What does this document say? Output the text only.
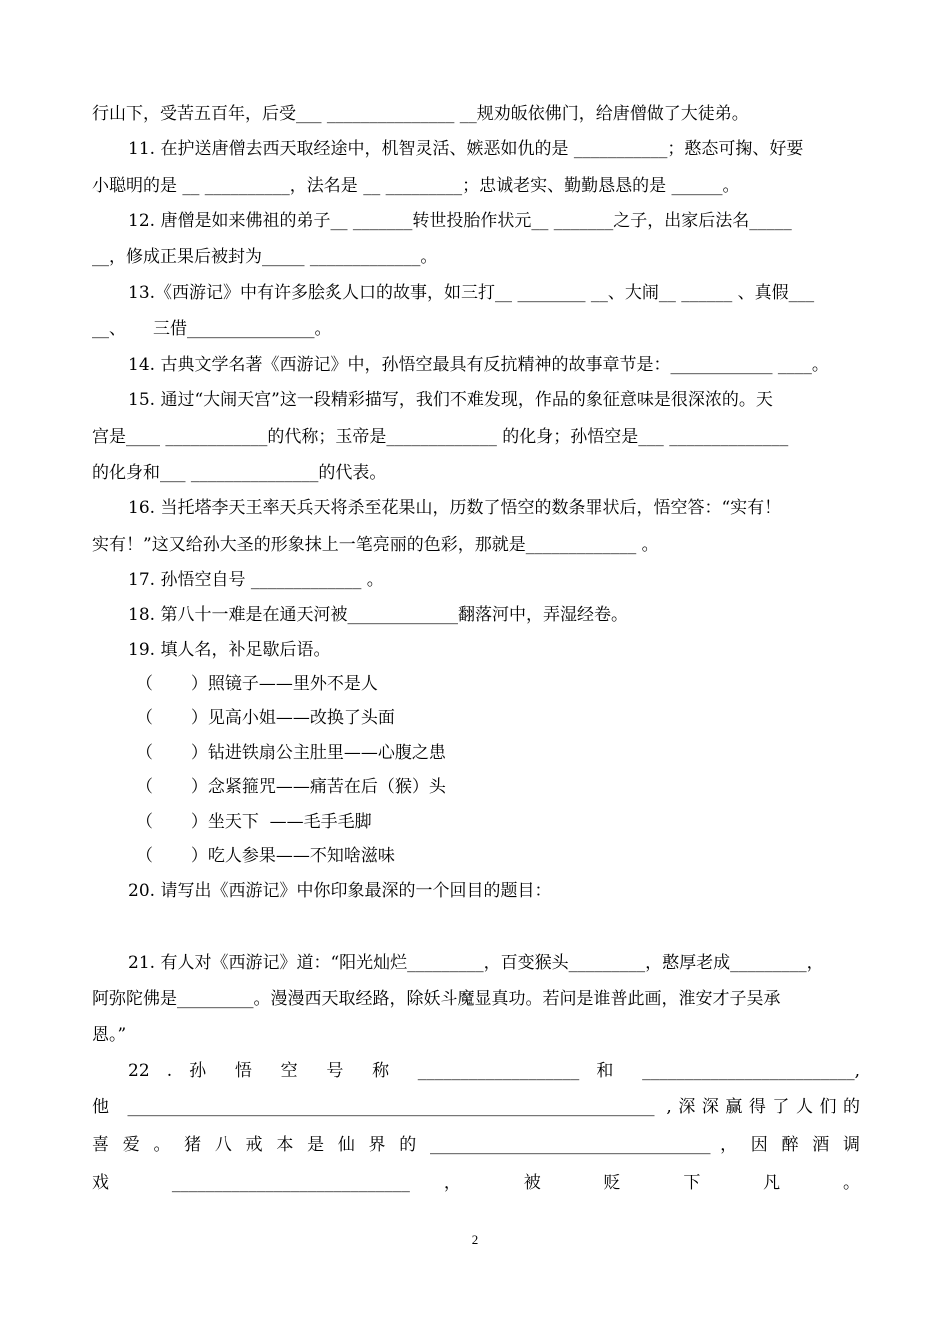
行山下，受苦五百年，后受___ _______________ __规劝皈依佛门，给唐僧做了大徒弟。
11. 在护送唐僧去西天取经途中，机智灵活、嫉恶如仇的是 ___________；憨态可掬、好要
小聪明的是 __ __________，法名是 __ _________；忠诚老实、勤勤恳恳的是 ______。
12. 唐僧是如来佛祖的弟子__ _______转世投胎作状元__ _______之子，出家后法名_____
__，修成正果后被封为_____ _____________。
13.《西游记》中有许多脍炙人口的故事，如三打__ ________ __、大闹__ ______ 、真假___
__、     三借_______________。
14. 古典文学名著《西游记》中，孙悟空最具有反抗精神的故事章节是：____________ ____。
15. 通过“大闹天宫”这一段精彩描写，我们不难发现，作品的象征意味是很深浓的。天
宫是____ ____________的代称；玉帝是_____________ 的化身；孙悟空是___ ______________
的化身和___ _______________的代表。
16. 当托塔李天王率天兵天将杀至花果山，历数了悟空的数条罪状后，悟空答：“实有！
实有！”这又给孙大圣的形象抹上一笔亮丽的色彩，那就是_____________ 。
17. 孙悟空自号 _____________ 。
18. 第八十一难是在通天河被_____________翻落河中，弄湿经卷。
19. 填人名，补足歇后语。
（       ）照镜子——里外不是人
（       ）见高小姐——改换了头面
（       ）钻进铁扇公主肚里——心腹之患
（       ）念紧箍咒——痛苦在后（猴）头
（       ）坐天下  ——毛手毛脚
（       ）吃人参果——不知啥滋味
20. 请写出《西游记》中你印象最深的一个回目的题目：
21. 有人对《西游记》道：“阳光灿烂_________，百变猴头_________，憨厚老成_________，
阿弥陀佛是_________。漫漫西天取经路，除妖斗魔显真功。若问是谁普此画，淮安才子吴承
恩。”
22 . 孙 悟 空 号 称 ___________________ 和 _________________________,
他 ______________________________________________________________ ,深深赢得了人们的
喜 爱 。 猪 八 戒 本 是 仙 界 的 _________________________________ ， 因 醉 酒 调
戏 ____________________________ ， 被 贬 下 凡 。
2
